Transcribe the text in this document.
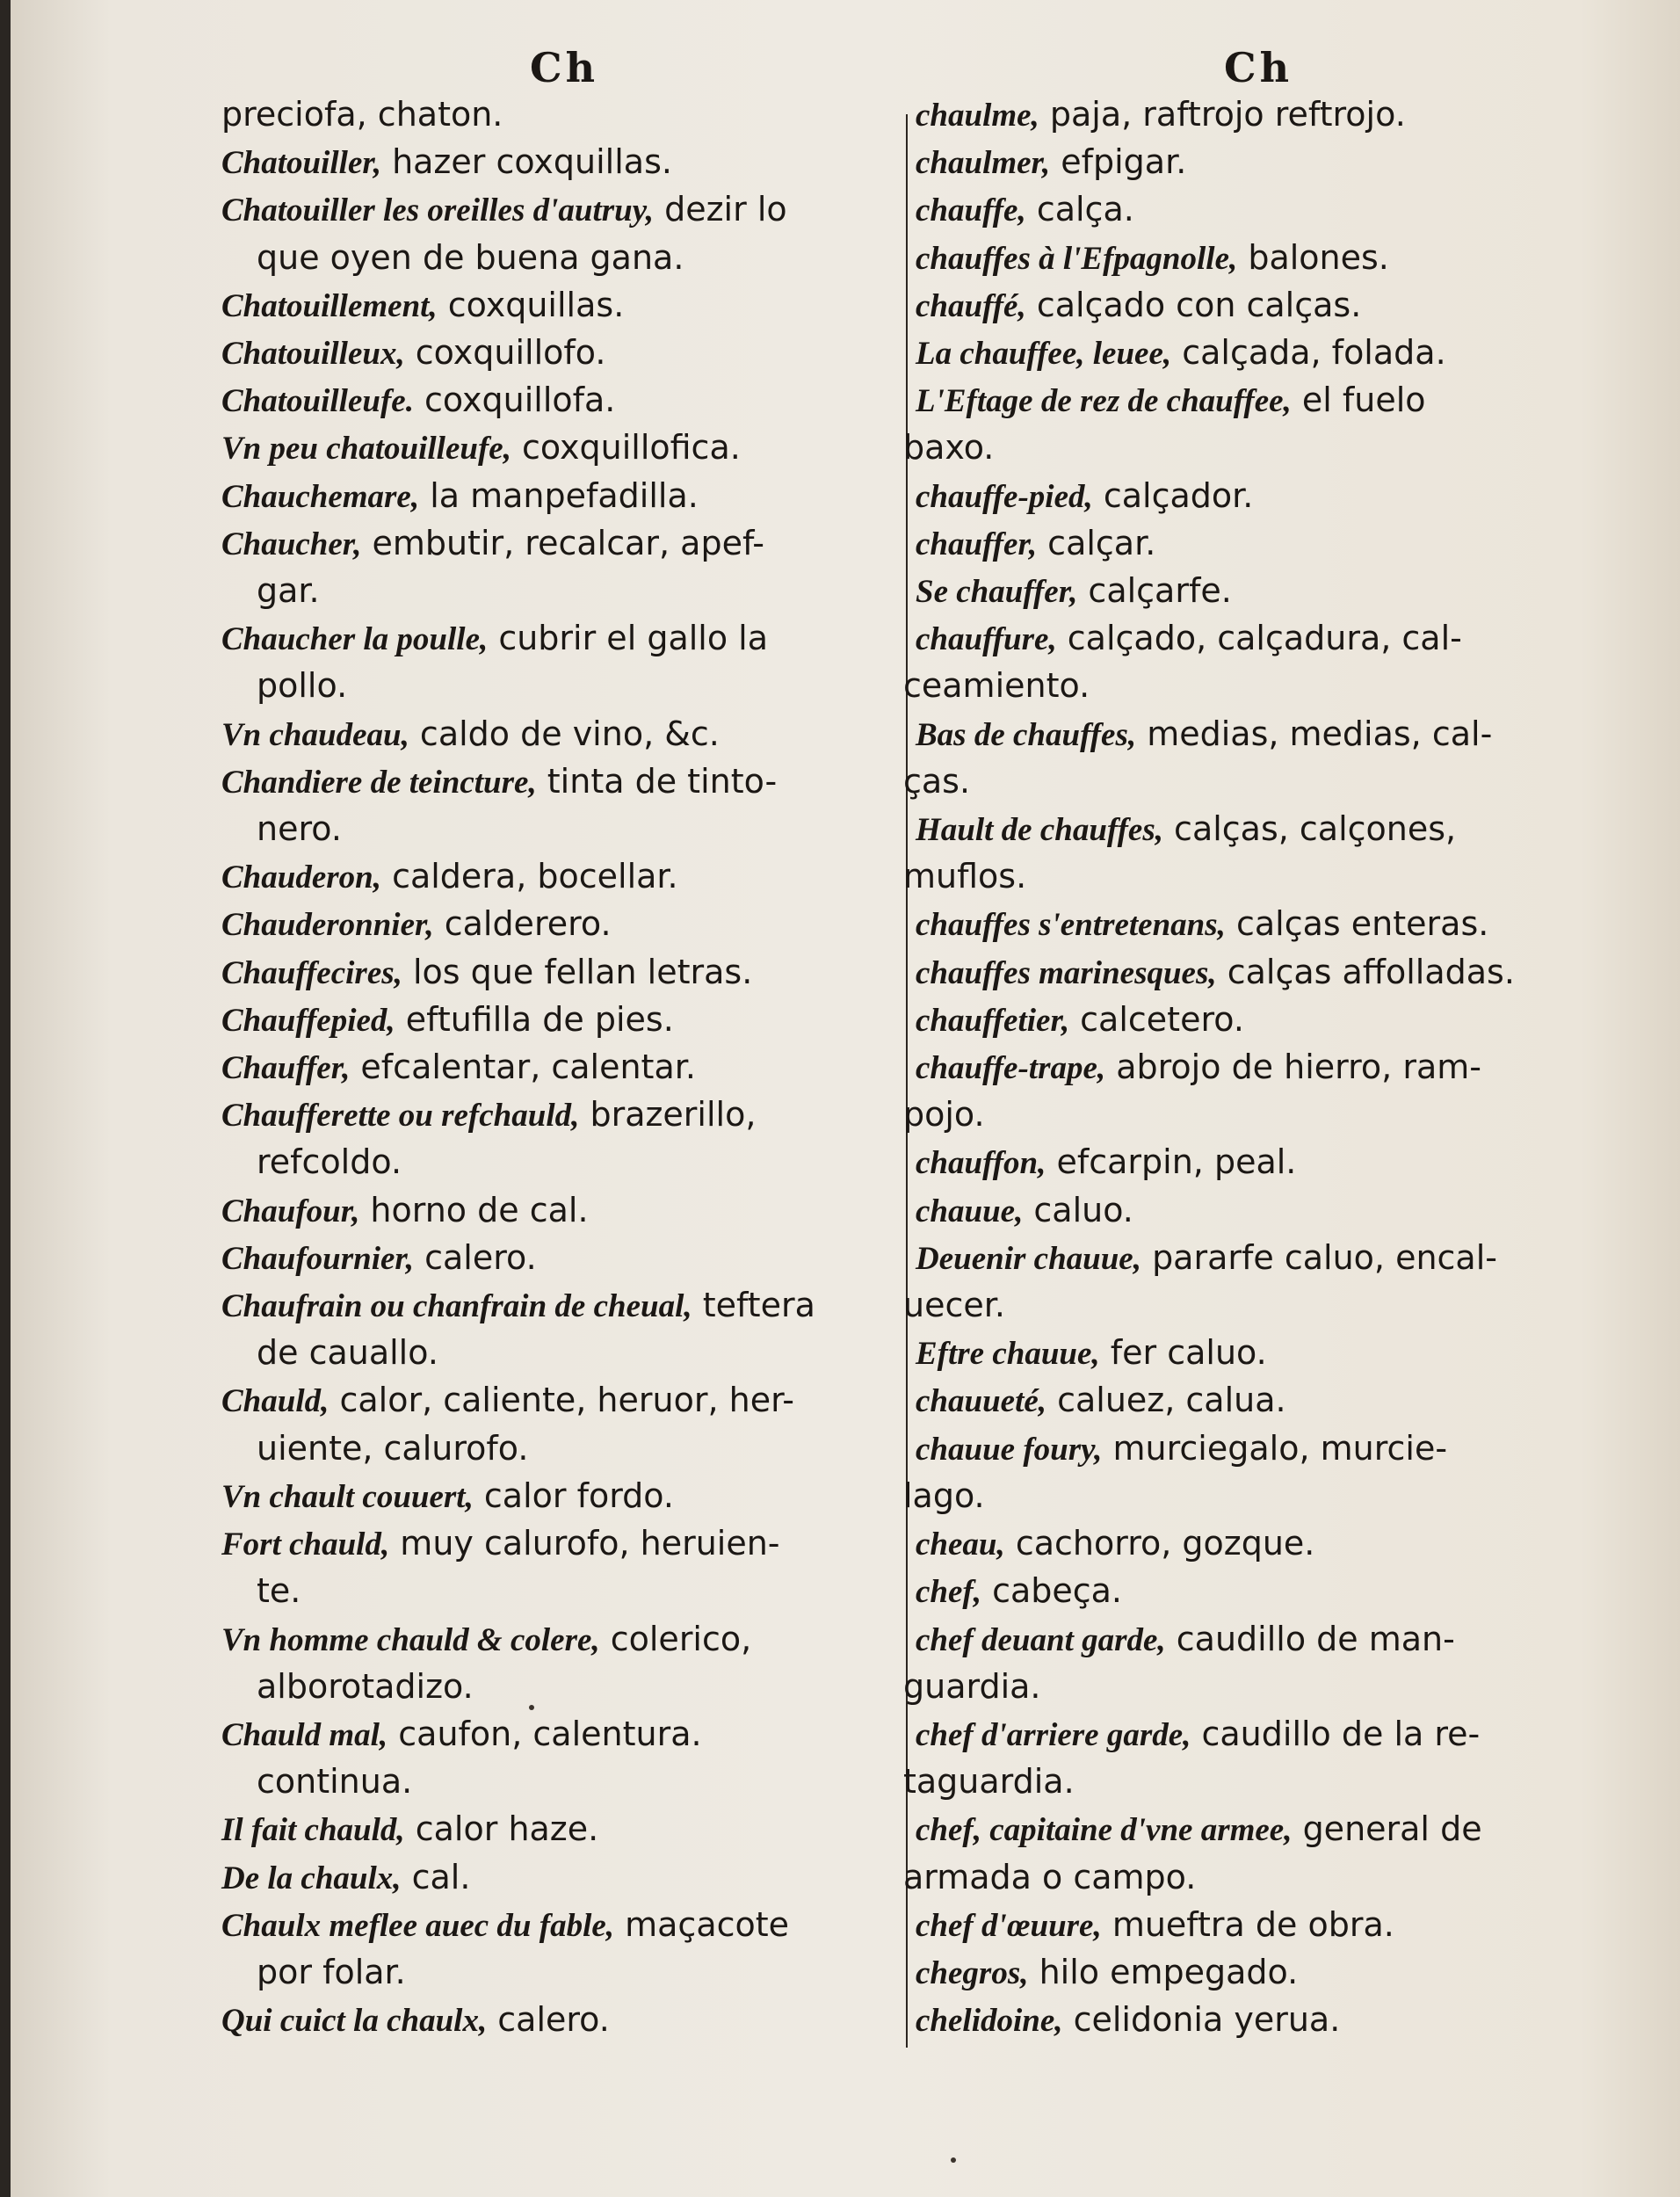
Ch
preciofa, chaton.
Chatouiller, hazer coxquillas.
Chatouiller les oreilles d'autruy, dezir lo
que oyen de buena gana.
Chatouillement, coxquillas.
Chatouilleux, coxquillofo.
Chatouilleufe. coxquillofa.
Vn peu chatouilleufe, coxquillofica.
Chauchemare, la manpefadilla.
Chaucher, embutir, recalcar, apef-
gar.
Chaucher la poulle, cubrir el gallo la
pollo.
Vn chaudeau, caldo de vino, &c.
Chandiere de teincture, tinta de tinto-
nero.
Chauderon, caldera, bocellar.
Chauderonnier, calderero.
Chauffecires, los que fellan letras.
Chauffepied, eftufilla de pies.
Chauffer, efcalentar, calentar.
Chaufferette ou refchauld, brazerillo,
refcoldo.
Chaufour, horno de cal.
Chaufournier, calero.
Chaufrain ou chanfrain de cheual, teftera
de cauallo.
Chauld, calor, caliente, heruor, her-
uiente, calurofo.
Vn chault couuert, calor fordo.
Fort chauld, muy calurofo, heruien-
te.
Vn homme chauld & colere, colerico,
alborotadizo.
Chauld mal, caufon, calentura.
continua.
Il fait chauld, calor haze.
De la chaulx, cal.
Chaulx meflee auec du fable, maçacote
por folar.
Qui cuict la chaulx, calero.
Ch
chaulme, paja, raftrojo reftrojo.
chaulmer, efpigar.
chauffe, calça.
chauffes à l'Efpagnolle, balones.
chauffé, calçado con calças.
La chauffee, leuee, calçada, folada.
L'Eftage de rez de chauffee, el fuelo
baxo.
chauffe-pied, calçador.
chauffer, calçar.
Se chauffer, calçarfe.
chauffure, calçado, calçadura, cal-
ceamiento.
Bas de chauffes, medias, medias, cal-
ças.
Hault de chauffes, calças, calçones,
muflos.
chauffes s'entretenans, calças enteras.
chauffes marinesques, calças affolladas.
chauffetier, calcetero.
chauffe-trape, abrojo de hierro, ram-
pojo.
chauffon, efcarpin, peal.
chauue, caluo.
Deuenir chauue, pararfe caluo, encal-
uecer.
Eftre chauue, fer caluo.
chauueté, caluez, calua.
chauue foury, murciegalo, murcie-
lago.
cheau, cachorro, gozque.
chef, cabeça.
chef deuant garde, caudillo de man-
guardia.
chef d'arriere garde, caudillo de la re-
taguardia.
chef, capitaine d'vne armee, general de
armada o campo.
chef d'œuure, mueftra de obra.
chegros, hilo empegado.
chelidoine, celidonia yerua.
